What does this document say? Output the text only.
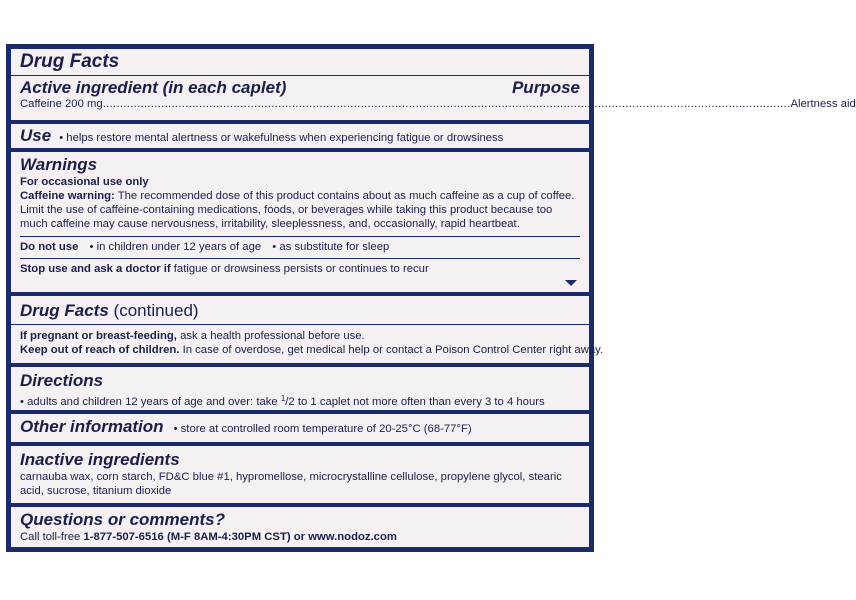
Drug Facts
Active ingredient (in each caplet)	Purpose
Caffeine 200 mg ........................................................................................................................................................................................................ Alertness aid
Use • helps restore mental alertness or wakefulness when experiencing fatigue or drowsiness
Warnings
For occasional use only
Caffeine warning: The recommended dose of this product contains about as much caffeine as a cup of coffee. Limit the use of caffeine-containing medications, foods, or beverages while taking this product because too much caffeine may cause nervousness, irritability, sleeplessness, and, occasionally, rapid heartbeat.
Do not use • in children under 12 years of age • as substitute for sleep
Stop use and ask a doctor if fatigue or drowsiness persists or continues to recur
Drug Facts (continued)
If pregnant or breast-feeding, ask a health professional before use.
Keep out of reach of children. In case of overdose, get medical help or contact a Poison Control Center right away.
Directions
• adults and children 12 years of age and over: take $^1$/2 to 1 caplet not more often than every 3 to 4 hours
Other information • store at controlled room temperature of 20-25°C (68-77°F)
Inactive ingredients
carnauba wax, corn starch, FD&C blue #1, hypromellose, microcrystalline cellulose, propylene glycol, stearic acid, sucrose, titanium dioxide
Questions or comments?
Call toll-free 1-877-507-6516 (M-F 8AM-4:30PM CST) or www.nodoz.com
